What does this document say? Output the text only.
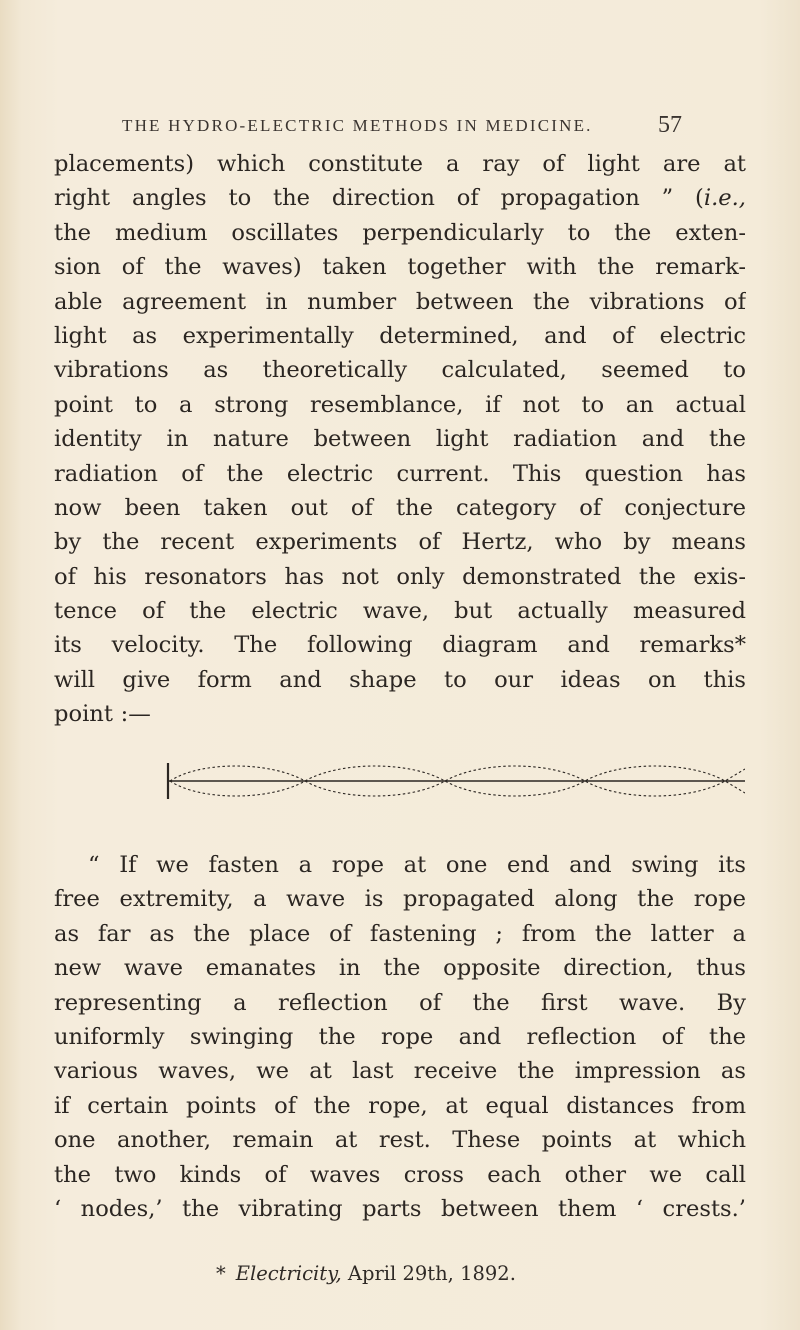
THE HYDRO-ELECTRIC METHODS IN MEDICINE.	57
placements) which constitute a ray of light are at
right angles to the direction of propagation ” (i.e.,
the medium oscillates perpendicularly to the exten-
sion of the waves) taken together with the remark-
able agreement in number between the vibrations of
light as experimentally determined, and of electric
vibrations as theoretically calculated, seemed to
point to a strong resemblance, if not to an actual
identity in nature between light radiation and the
radiation of the electric current. This question has
now been taken out of the category of conjecture
by the recent experiments of Hertz, who by means
of his resonators has not only demonstrated the exis-
tence of the electric wave, but actually measured
its velocity. The following diagram and remarks*
will give form and shape to our ideas on this
point :—
“ If we fasten a rope at one end and swing its
free extremity, a wave is propagated along the rope
as far as the place of fastening ; from the latter a
new wave emanates in the opposite direction, thus
representing a reflection of the first wave. By
uniformly swinging the rope and reflection of the
various waves, we at last receive the impression as
if certain points of the rope, at equal distances from
one another, remain at rest. These points at which
the two kinds of waves cross each other we call
‘ nodes,’ the vibrating parts between them ‘ crests.’
* Electricity, April 29th, 1892.
